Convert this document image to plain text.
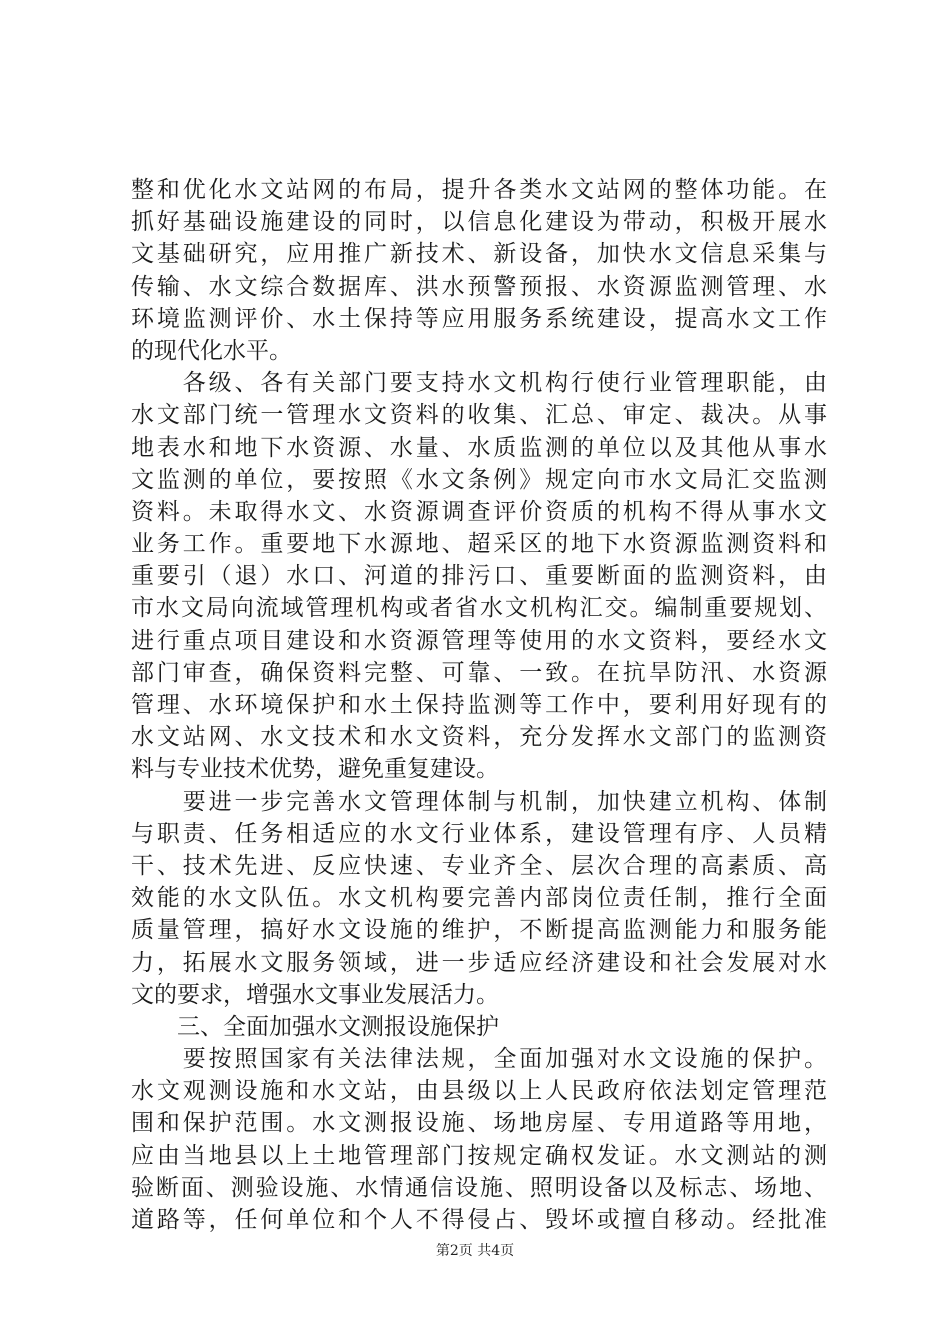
整和优化水文站网的布局，提升各类水文站网的整体功能。在
抓好基础设施建设的同时，以信息化建设为带动，积极开展水
文基础研究，应用推广新技术、新设备，加快水文信息采集与
传输、水文综合数据库、洪水预警预报、水资源监测管理、水
环境监测评价、水土保持等应用服务系统建设，提高水文工作
的现代化水平。
　　各级、各有关部门要支持水文机构行使行业管理职能，由
水文部门统一管理水文资料的收集、汇总、审定、裁决。从事
地表水和地下水资源、水量、水质监测的单位以及其他从事水
文监测的单位，要按照《水文条例》规定向市水文局汇交监测
资料。未取得水文、水资源调查评价资质的机构不得从事水文
业务工作。重要地下水源地、超采区的地下水资源监测资料和
重要引（退）水口、河道的排污口、重要断面的监测资料，由
市水文局向流域管理机构或者省水文机构汇交。编制重要规划、
进行重点项目建设和水资源管理等使用的水文资料，要经水文
部门审查，确保资料完整、可靠、一致。在抗旱防汛、水资源
管理、水环境保护和水土保持监测等工作中，要利用好现有的
水文站网、水文技术和水文资料，充分发挥水文部门的监测资
料与专业技术优势，避免重复建设。
　　要进一步完善水文管理体制与机制，加快建立机构、体制
与职责、任务相适应的水文行业体系，建设管理有序、人员精
干、技术先进、反应快速、专业齐全、层次合理的高素质、高
效能的水文队伍。水文机构要完善内部岗位责任制，推行全面
质量管理，搞好水文设施的维护，不断提高监测能力和服务能
力，拓展水文服务领域，进一步适应经济建设和社会发展对水
文的要求，增强水文事业发展活力。
　　三、全面加强水文测报设施保护
　　要按照国家有关法律法规，全面加强对水文设施的保护。
水文观测设施和水文站，由县级以上人民政府依法划定管理范
围和保护范围。水文测报设施、场地房屋、专用道路等用地，
应由当地县以上土地管理部门按规定确权发证。水文测站的测
验断面、测验设施、水情通信设施、照明设备以及标志、场地、
道路等，任何单位和个人不得侵占、毁坏或擅自移动。经批准
第2页 共4页
